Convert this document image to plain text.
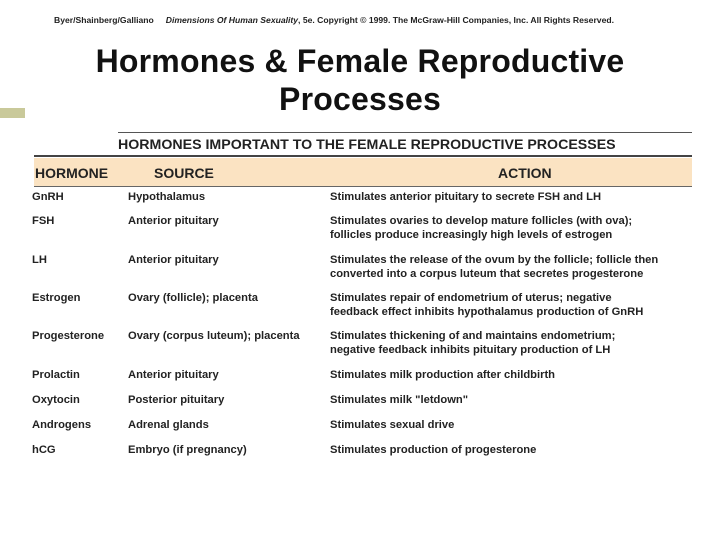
Byer/Shainberg/Galliano Dimensions Of Human Sexuality, 5e. Copyright © 1999. The McGraw-Hill Companies, Inc. All Rights Reserved.
Hormones & Female Reproductive
Processes
HORMONES IMPORTANT TO THE FEMALE REPRODUCTIVE PROCESSES
HORMONE	SOURCE	ACTION
GnRH	Hypothalamus	Stimulates anterior pituitary to secrete FSH and LH
FSH	Anterior pituitary	Stimulates ovaries to develop mature follicles (with ova);
follicles produce increasingly high levels of estrogen
LH	Anterior pituitary	Stimulates the release of the ovum by the follicle; follicle then
converted into a corpus luteum that secretes progesterone
Estrogen	Ovary (follicle); placenta	Stimulates repair of endometrium of uterus; negative
feedback effect inhibits hypothalamus production of GnRH
Progesterone	Ovary (corpus luteum); placenta	Stimulates thickening of and maintains endometrium;
negative feedback inhibits pituitary production of LH
Prolactin	Anterior pituitary	Stimulates milk production after childbirth
Oxytocin	Posterior pituitary	Stimulates milk "letdown"
Androgens	Adrenal glands	Stimulates sexual drive
hCG	Embryo (if pregnancy)	Stimulates production of progesterone
